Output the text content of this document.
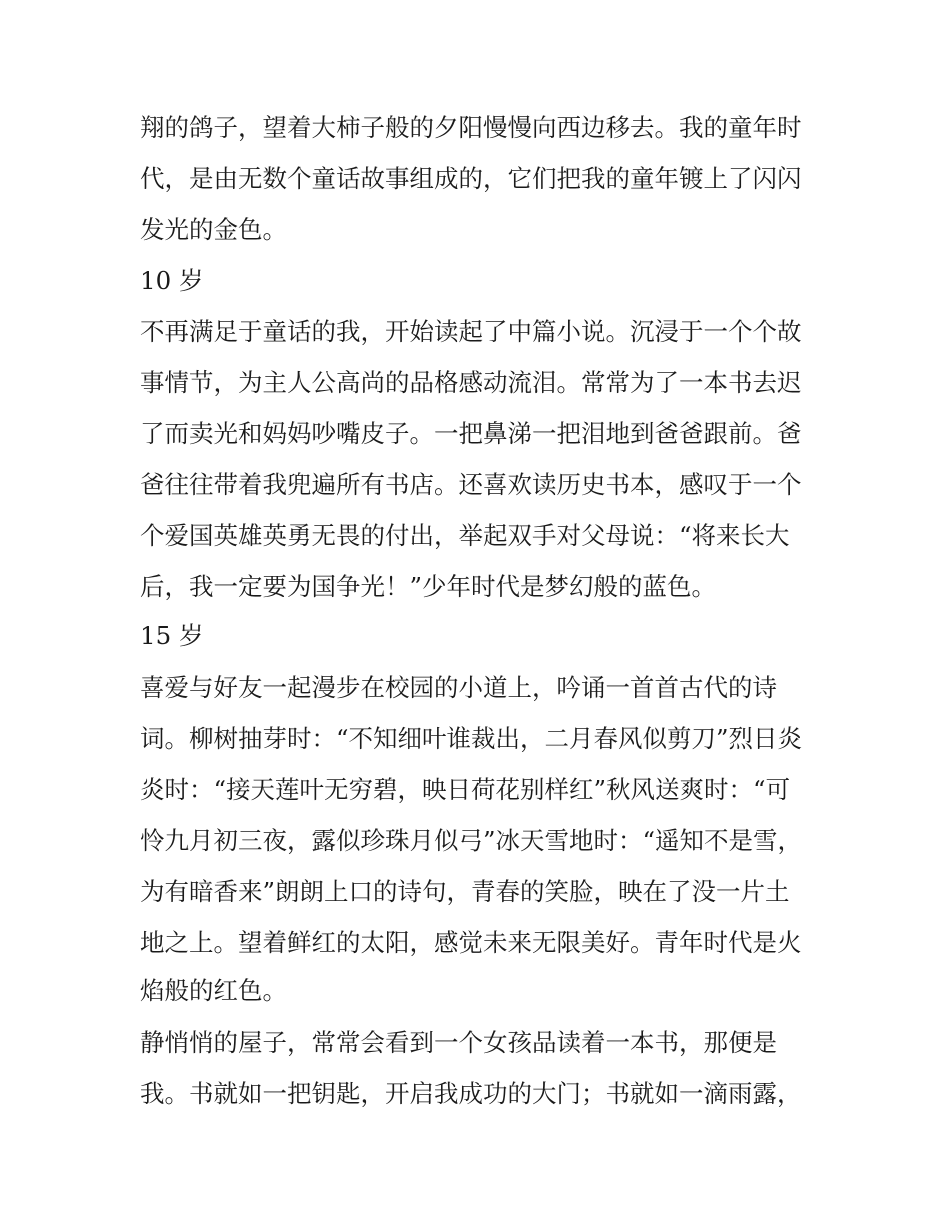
翔的鸽子，望着大柿子般的夕阳慢慢向西边移去。我的童年时
代，是由无数个童话故事组成的，它们把我的童年镀上了闪闪
发光的金色。
10 岁
不再满足于童话的我，开始读起了中篇小说。沉浸于一个个故
事情节，为主人公高尚的品格感动流泪。常常为了一本书去迟
了而卖光和妈妈吵嘴皮子。一把鼻涕一把泪地到爸爸跟前。爸
爸往往带着我兜遍所有书店。还喜欢读历史书本，感叹于一个
个爱国英雄英勇无畏的付出，举起双手对父母说：“将来长大
后，我一定要为国争光！”少年时代是梦幻般的蓝色。
15 岁
喜爱与好友一起漫步在校园的小道上，吟诵一首首古代的诗
词。柳树抽芽时：“不知细叶谁裁出，二月春风似剪刀”烈日炎
炎时：“接天莲叶无穷碧，映日荷花别样红”秋风送爽时：“可
怜九月初三夜，露似珍珠月似弓”冰天雪地时：“遥知不是雪，
为有暗香来”朗朗上口的诗句，青春的笑脸，映在了没一片土
地之上。望着鲜红的太阳，感觉未来无限美好。青年时代是火
焰般的红色。
静悄悄的屋子，常常会看到一个女孩品读着一本书，那便是
我。书就如一把钥匙，开启我成功的大门；书就如一滴雨露，
